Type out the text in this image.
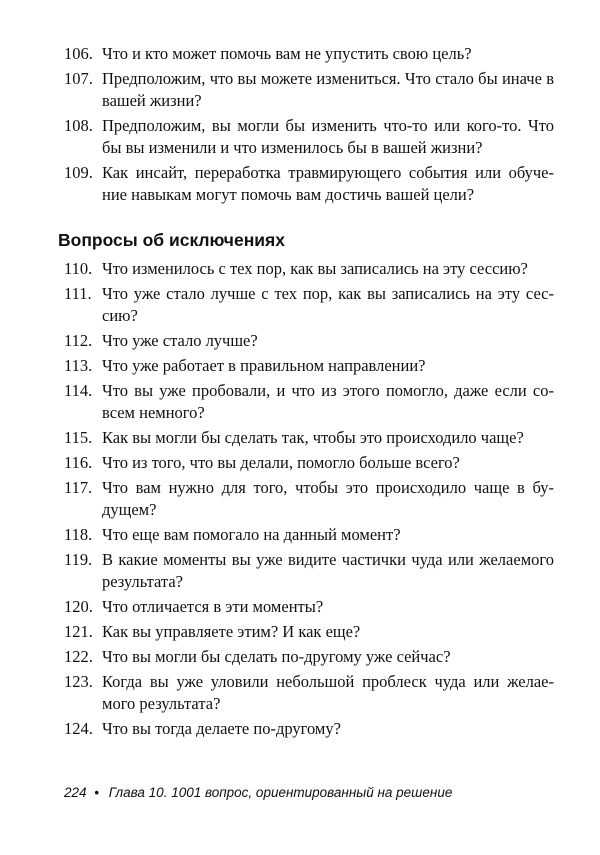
106. Что и кто может помочь вам не упустить свою цель?
107. Предположим, что вы можете измениться. Что стало бы иначе в вашей жизни?
108. Предположим, вы могли бы изменить что-то или кого-то. Что бы вы изменили и что изменилось бы в вашей жизни?
109. Как инсайт, переработка травмирующего события или обуче-ние навыкам могут помочь вам достичь вашей цели?
Вопросы об исключениях
110. Что изменилось с тех пор, как вы записались на эту сессию?
111. Что уже стало лучше с тех пор, как вы записались на эту сес-сию?
112. Что уже стало лучше?
113. Что уже работает в правильном направлении?
114. Что вы уже пробовали, и что из этого помогло, даже если со-всем немного?
115. Как вы могли бы сделать так, чтобы это происходило чаще?
116. Что из того, что вы делали, помогло больше всего?
117. Что вам нужно для того, чтобы это происходило чаще в бу-дущем?
118. Что еще вам помогало на данный момент?
119. В какие моменты вы уже видите частички чуда или желаемого результата?
120. Что отличается в эти моменты?
121. Как вы управляете этим? И как еще?
122. Что вы могли бы сделать по-другому уже сейчас?
123. Когда вы уже уловили небольшой проблеск чуда или желае-мого результата?
124. Что вы тогда делаете по-другому?
224 • Глава 10. 1001 вопрос, ориентированный на решение
